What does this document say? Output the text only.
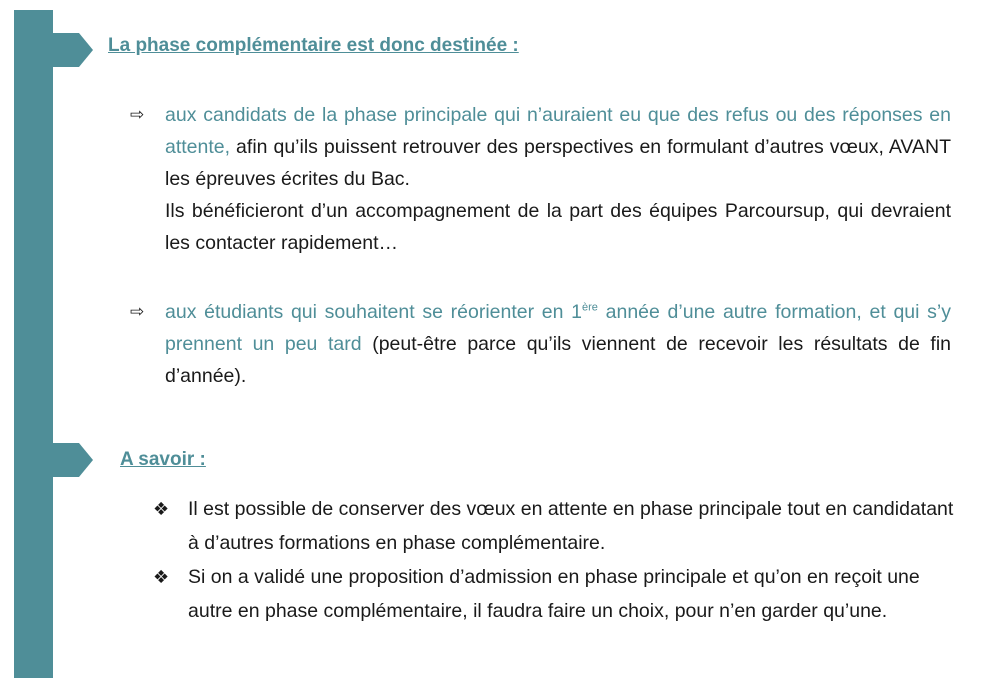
La phase complémentaire est donc destinée :
⇨ aux candidats de la phase principale qui n’auraient eu que des refus ou des réponses en attente, afin qu’ils puissent retrouver des perspectives en formulant d’autres vœux, AVANT les épreuves écrites du Bac.
Ils bénéficieront d’un accompagnement de la part des équipes Parcoursup, qui devraient les contacter rapidement…
⇨ aux étudiants qui souhaitent se réorienter en 1ère année d’une autre formation, et qui s’y prennent un peu tard (peut-être parce qu’ils viennent de recevoir les résultats de fin d’année).
A savoir :
❖ Il est possible de conserver des vœux en attente en phase principale tout en candidatant à d’autres formations en phase complémentaire.
❖ Si on a validé une proposition d’admission en phase principale et qu’on en reçoit une autre en phase complémentaire, il faudra faire un choix, pour n’en garder qu’une.
